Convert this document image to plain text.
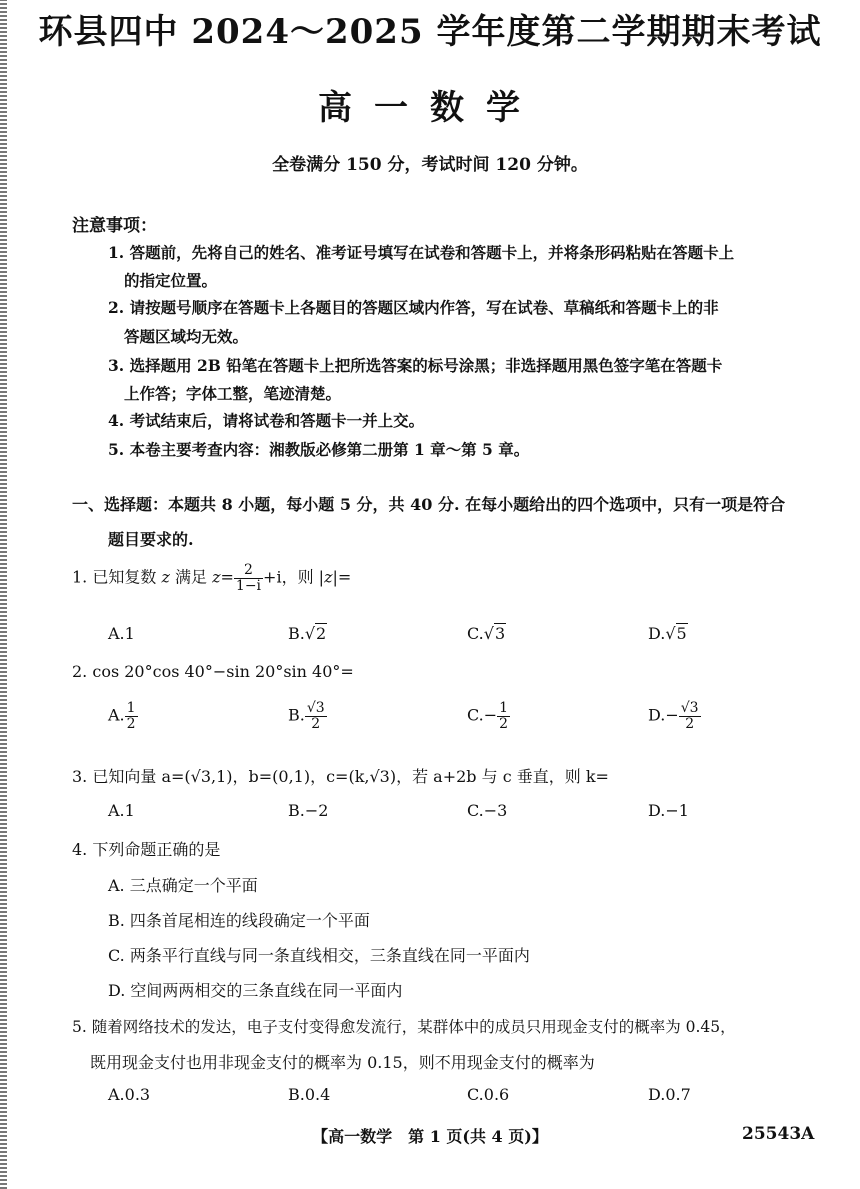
环县四中 2024～2025 学年度第二学期期末考试
高一数学
全卷满分 150 分，考试时间 120 分钟。
注意事项：
1. 答题前，先将自己的姓名、准考证号填写在试卷和答题卡上，并将条形码粘贴在答题卡上
的指定位置。
2. 请按题号顺序在答题卡上各题目的答题区域内作答，写在试卷、草稿纸和答题卡上的非
答题区域均无效。
3. 选择题用 2B 铅笔在答题卡上把所选答案的标号涂黑；非选择题用黑色签字笔在答题卡
上作答；字体工整，笔迹清楚。
4. 考试结束后，请将试卷和答题卡一并上交。
5. 本卷主要考查内容：湘教版必修第二册第 1 章～第 5 章。
一、选择题：本题共 8 小题，每小题 5 分，共 40 分. 在每小题给出的四个选项中，只有一项是符合
题目要求的.
1. 已知复数 z 满足 $z= \frac{2}{1-i} +i$，则 |z|=
A.1	B.√2	C.√3	D.√5
2. cos 20°cos 40°−sin 20°sin 40°=
A. $\frac{1}{2}$	B. $\frac{√3}{2}$	$C.- \frac{1}{2}$	$D.- \frac{√3}{2}$
3. 已知向量 a=(√3,1)，b=(0,1)，c=(k,√3)，若 a+2b 与 c 垂直，则 k=
A.1	B.−2	C.−3	D.−1
4. 下列命题正确的是
A. 三点确定一个平面
B. 四条首尾相连的线段确定一个平面
C. 两条平行直线与同一条直线相交，三条直线在同一平面内
D. 空间两两相交的三条直线在同一平面内
5. 随着网络技术的发达，电子支付变得愈发流行，某群体中的成员只用现金支付的概率为 0.45，
既用现金支付也用非现金支付的概率为 0.15，则不用现金支付的概率为
A.0.3	B.0.4	C.0.6	D.0.7
【高一数学　第 1 页(共 4 页)】	25543A
